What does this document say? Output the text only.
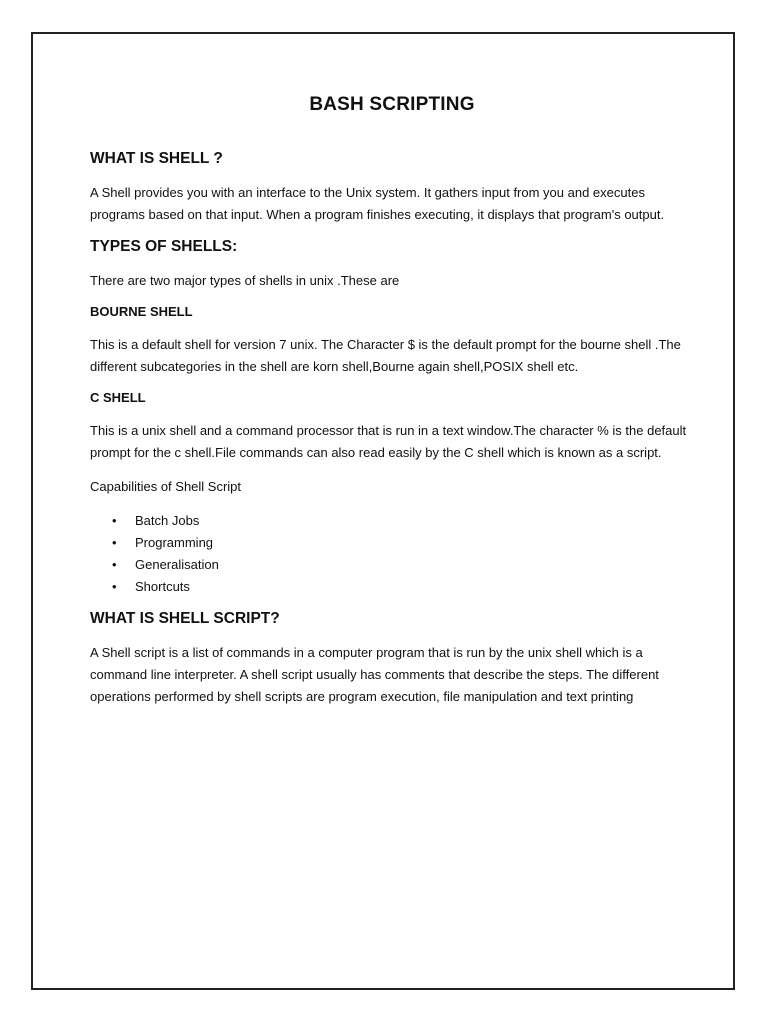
BASH SCRIPTING
WHAT IS SHELL ?

A Shell provides you with an interface to the Unix system. It gathers input from you and executes programs based on that input. When a program finishes executing, it displays that program's output.

TYPES OF SHELLS:

There are two major types of shells in unix .These are

BOURNE SHELL

This is a default shell for version 7 unix. The Character $ is the default prompt for the bourne shell .The different subcategories in the shell are korn shell,Bourne again shell,POSIX shell etc.

C SHELL

This is a unix shell and a command processor that is run in a text window.The character % is the default prompt for the c shell.File commands can also read easily by the C shell which is known as a script.

Capabilities of Shell Script

• Batch Jobs
• Programming
• Generalisation
• Shortcuts
WHAT IS SHELL SCRIPT?

A Shell script is a list of commands in a computer program that is run by the unix shell which is a command line interpreter. A shell script usually has comments that describe the steps. The different operations performed by shell scripts are program execution, file manipulation and text printing
